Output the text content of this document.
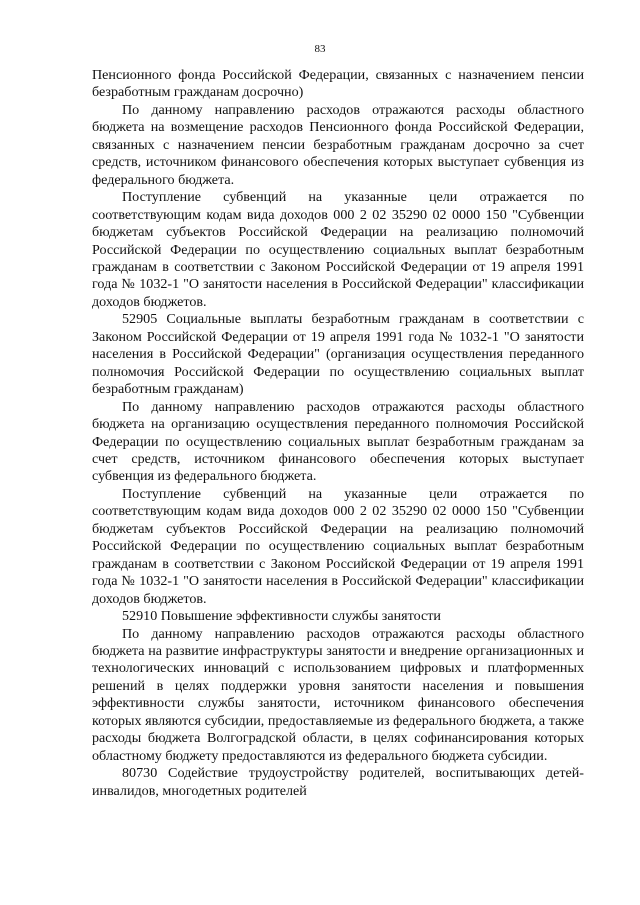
83

Пенсионного фонда Российской Федерации, связанных с назначением пенсии безработным гражданам досрочно)

По данному направлению расходов отражаются расходы областного бюджета на возмещение расходов Пенсионного фонда Российской Федерации, связанных с назначением пенсии безработным гражданам досрочно за счет средств, источником финансового обеспечения которых выступает субвенция из федерального бюджета.

Поступление субвенций на указанные цели отражается по соответствующим кодам вида доходов 000 2 02 35290 02 0000 150 "Субвенции бюджетам субъектов Российской Федерации на реализацию полномочий Российской Федерации по осуществлению социальных выплат безработным гражданам в соответствии с Законом Российской Федерации от 19 апреля 1991 года № 1032-1 "О занятости населения в Российской Федерации" классификации доходов бюджетов.

52905 Социальные выплаты безработным гражданам в соответствии с Законом Российской Федерации от 19 апреля 1991 года № 1032-1 "О занятости населения в Российской Федерации" (организация осуществления переданного полномочия Российской Федерации по осуществлению социальных выплат безработным гражданам)

По данному направлению расходов отражаются расходы областного бюджета на организацию осуществления переданного полномочия Российской Федерации по осуществлению социальных выплат безработным гражданам за счет средств, источником финансового обеспечения которых выступает субвенция из федерального бюджета.

Поступление субвенций на указанные цели отражается по соответствующим кодам вида доходов 000 2 02 35290 02 0000 150 "Субвенции бюджетам субъектов Российской Федерации на реализацию полномочий Российской Федерации по осуществлению социальных выплат безработным гражданам в соответствии с Законом Российской Федерации от 19 апреля 1991 года № 1032-1 "О занятости населения в Российской Федерации" классификации доходов бюджетов.

52910 Повышение эффективности службы занятости

По данному направлению расходов отражаются расходы областного бюджета на развитие инфраструктуры занятости и внедрение организационных и технологических инноваций с использованием цифровых и платформенных решений в целях поддержки уровня занятости населения и повышения эффективности службы занятости, источником финансового обеспечения которых являются субсидии, предоставляемые из федерального бюджета, а также расходы бюджета Волгоградской области, в целях софинансирования которых областному бюджету предоставляются из федерального бюджета субсидии.

80730 Содействие трудоустройству родителей, воспитывающих детей-инвалидов, многодетных родителей
